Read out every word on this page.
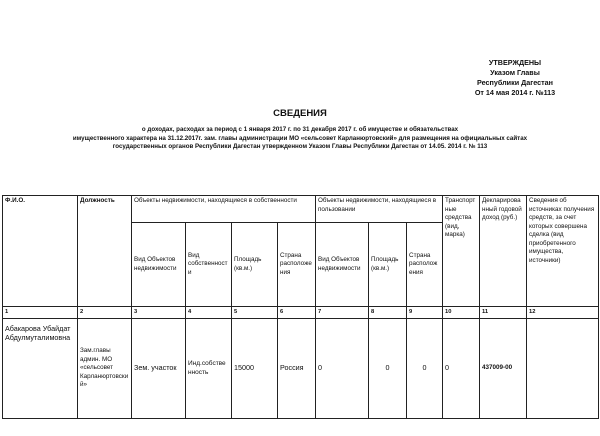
УТВЕРЖДЕНЫ
Указом Главы
Республики Дагестан
От 14 мая 2014 г. №113
СВЕДЕНИЯ
о доходах, расходах за период с 1 января 2017 г. по 31 декабря 2017 г. об имуществе и обязательствах
имущественного характера на 31.12.2017г. зам. главы администрации МО «сельсовет Карланюртовский» для размещения на официальных сайтах
государственных органов Республики Дагестан утвержденном Указом Главы Республики Дагестан от 14.05. 2014 г. № 113
Ф.И.О.	Должность	Объекты недвижимости, находящиеся в собственности				Объекты недвижимости, находящиеся в пользовании			Транспортные средства (вид, марка)	Декларированный годовой доход (руб.)	Сведения об источниках получения средств, за счет которых совершена сделка (вид приобретенного имущества, источники)
		Вид Объектов недвижимости	Вид собственности	Площадь (кв.м.)	Страна расположения	Вид Объектов недвижимости	Площадь (кв.м.)	Страна расположения			
1	2	3	4	5	6	7	8	9	10	11	12
Абакарова Убайдат Абдулмуталимовна	Зам.главы админ. МО «сельсовет Карланюртовский»	Зем. участок	Инд.собственность	15000	Россия	0	0	0	0	437009-00	
